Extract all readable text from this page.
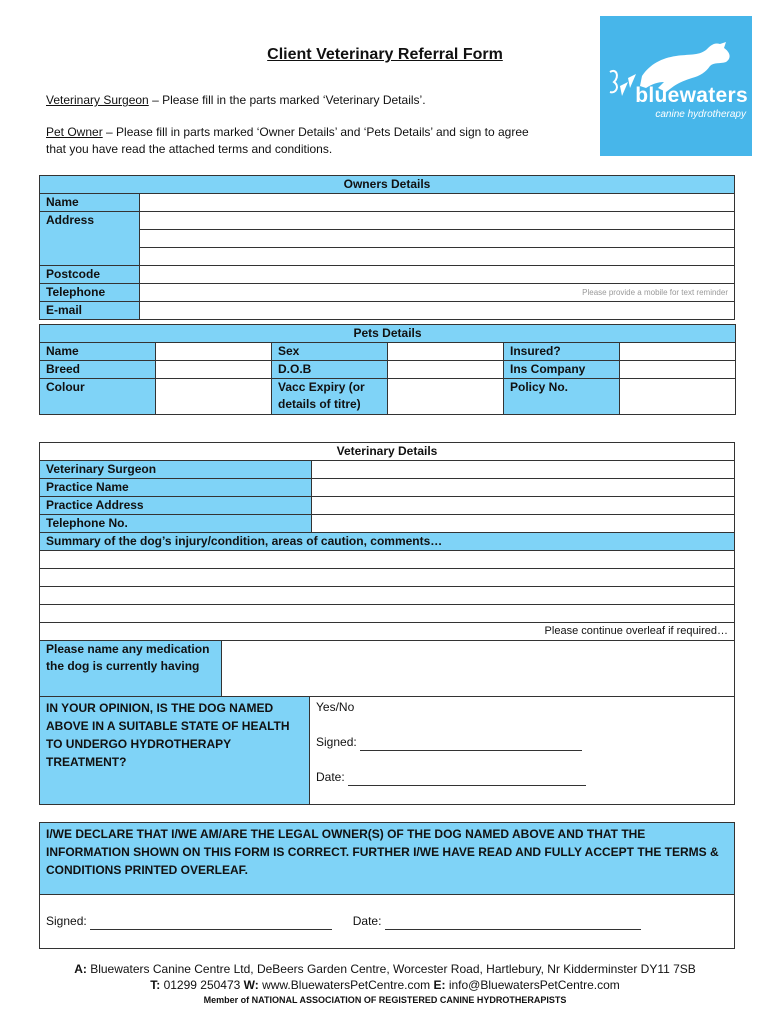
Client Veterinary Referral Form
Veterinary Surgeon – Please fill in the parts marked ‘Veterinary Details’.
Pet Owner – Please fill in parts marked ‘Owner Details’ and ‘Pets Details’ and sign to agree
that you have read the attached terms and conditions.
bluewaters
canine hydrotherapy
Owners Details	
Name	
Address	

Postcode	
Telephone	Please provide a mobile for text reminder
E-mail	
Pets Details					
Name		Sex		Insured?	
Breed		D.O.B		Ins Company	
Colour		Vacc Expiry (or details of titre)		Policy No.	
Veterinary Details			
Veterinary Surgeon			
Practice Name			
Practice Address			
Telephone No.			
Summary of the dog’s injury/condition, areas of caution, comments…			

Please continue overleaf if required…			
Please name any medication the dog is currently having			
IN YOUR OPINION, IS THE DOG NAMED ABOVE IN A SUITABLE STATE OF HEALTH TO UNDERGO HYDROTHERAPY TREATMENT?		Yes/No
Signed:
Date:	
I/WE DECLARE THAT I/WE AM/ARE THE LEGAL OWNER(S) OF THE DOG NAMED ABOVE AND THAT THE INFORMATION SHOWN ON THIS FORM IS CORRECT. FURTHER I/WE HAVE READ AND FULLY ACCEPT THE TERMS & CONDITIONS PRINTED OVERLEAF.
Signed:	Date:
A: Bluewaters Canine Centre Ltd, DeBeers Garden Centre, Worcester Road, Hartlebury, Nr Kidderminster DY11 7SB
T: 01299 250473 W: www.BluewatersPetCentre.com E: info@BluewatersPetCentre.com
Member of NATIONAL ASSOCIATION OF REGISTERED CANINE HYDROTHERAPISTS
